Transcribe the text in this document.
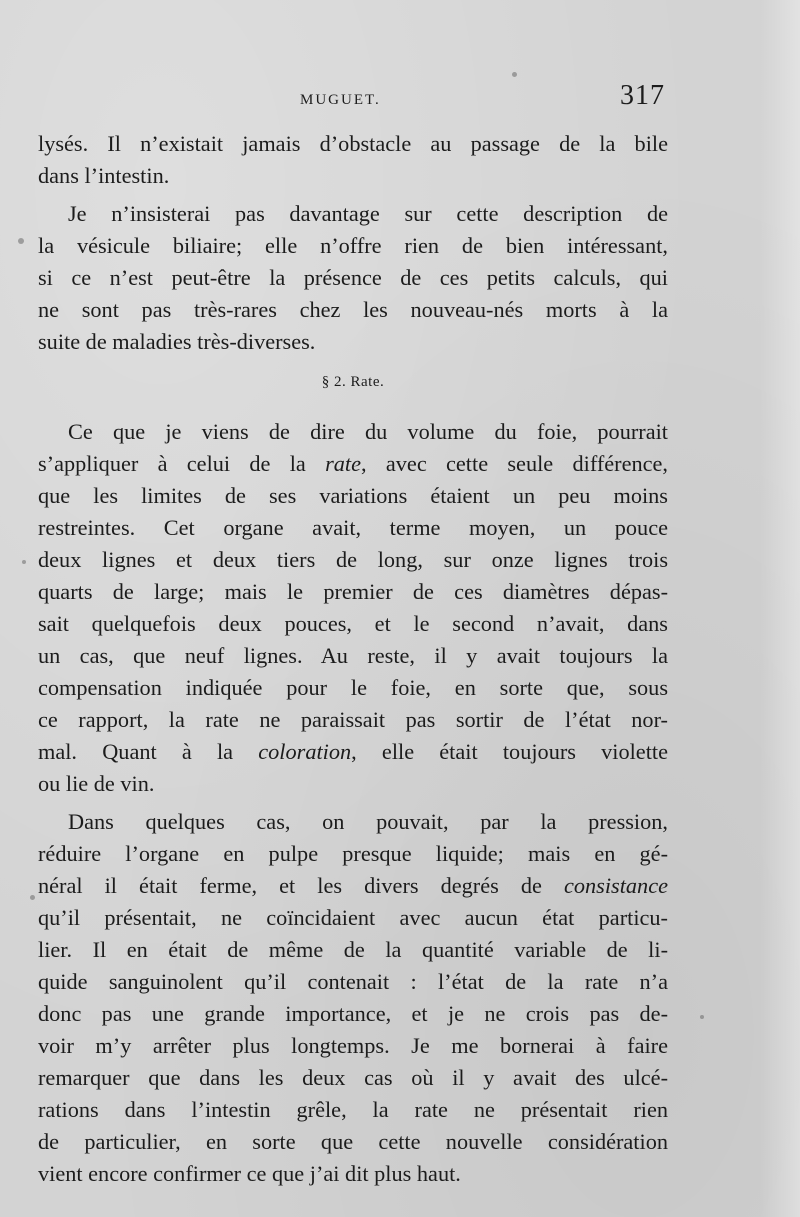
MUGUET.	317

lysés. Il n’existait jamais d’obstacle au passage de la bile
dans l’intestin.

Je n’insisterai pas davantage sur cette description de
la vésicule biliaire; elle n’offre rien de bien intéressant,
si ce n’est peut-être la présence de ces petits calculs, qui
ne sont pas très-rares chez les nouveau-nés morts à la
suite de maladies très-diverses.

§ 2. Rate.

Ce que je viens de dire du volume du foie, pourrait
s’appliquer à celui de la rate, avec cette seule différence,
que les limites de ses variations étaient un peu moins
restreintes. Cet organe avait, terme moyen, un pouce
deux lignes et deux tiers de long, sur onze lignes trois
quarts de large; mais le premier de ces diamètres dépas-
sait quelquefois deux pouces, et le second n’avait, dans
un cas, que neuf lignes. Au reste, il y avait toujours la
compensation indiquée pour le foie, en sorte que, sous
ce rapport, la rate ne paraissait pas sortir de l’état nor-
mal. Quant à la coloration, elle était toujours violette
ou lie de vin.

Dans quelques cas, on pouvait, par la pression,
réduire l’organe en pulpe presque liquide; mais en gé-
néral il était ferme, et les divers degrés de consistance
qu’il présentait, ne coïncidaient avec aucun état particu-
lier. Il en était de même de la quantité variable de li-
quide sanguinolent qu’il contenait : l’état de la rate n’a
donc pas une grande importance, et je ne crois pas de-
voir m’y arrêter plus longtemps. Je me bornerai à faire
remarquer que dans les deux cas où il y avait des ulcé-
rations dans l’intestin grêle, la rate ne présentait rien
de particulier, en sorte que cette nouvelle considération
vient encore confirmer ce que j’ai dit plus haut.
